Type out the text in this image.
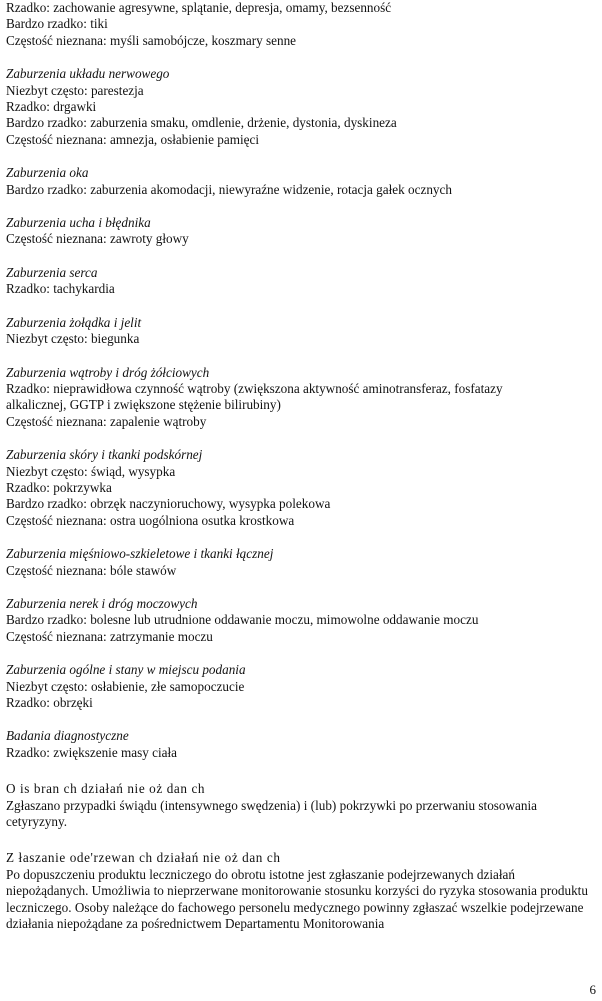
Rzadko: zachowanie agresywne, splątanie, depresja, omamy, bezsenność
Bardzo rzadko: tiki
Częstość nieznana: myśli samobójcze, koszmary senne
Zaburzenia układu nerwowego
Niezbyt często: parestezja
Rzadko: drgawki
Bardzo rzadko: zaburzenia smaku, omdlenie, drżenie, dystonia, dyskineza
Częstość nieznana: amnezja, osłabienie pamięci
Zaburzenia oka
Bardzo rzadko: zaburzenia akomodacji, niewyraźne widzenie, rotacja gałek ocznych
Zaburzenia ucha i błędnika
Częstość nieznana: zawroty głowy
Zaburzenia serca
Rzadko: tachykardia
Zaburzenia żołądka i jelit
Niezbyt często: biegunka
Zaburzenia wątroby i dróg żółciowych
Rzadko: nieprawidłowa czynność wątroby (zwiększona aktywność aminotransferaz, fosfatazy
alkalicznej, GGTP i zwiększone stężenie bilirubiny)
Częstość nieznana: zapalenie wątroby
Zaburzenia skóry i tkanki podskórnej
Niezbyt często: świąd, wysypka
Rzadko: pokrzywka
Bardzo rzadko: obrzęk naczynioruchowy, wysypka polekowa
Częstość nieznana: ostra uogólniona osutka krostkowa
Zaburzenia mięśniowo-szkieletowe i tkanki łącznej
Częstość nieznana: bóle stawów
Zaburzenia nerek i dróg moczowych
Bardzo rzadko: bolesne lub utrudnione oddawanie moczu, mimowolne oddawanie moczu
Częstość nieznana: zatrzymanie moczu
Zaburzenia ogólne i stany w miejscu podania
Niezbyt często: osłabienie, złe samopoczucie
Rzadko: obrzęki
Badania diagnostyczne
Rzadko: zwiększenie masy ciała
O is bran ch działań nie oż dan ch
Zgłaszano przypadki świądu (intensywnego swędzenia) i (lub) pokrzywki po przerwaniu stosowania cetyryzyny.
Z łaszanie ode'rzewan ch działań nie oż dan ch
Po dopuszczeniu produktu leczniczego do obrotu istotne jest zgłaszanie podejrzewanych działań niepożądanych. Umożliwia to nieprzerwane monitorowanie stosunku korzyści do ryzyka stosowania produktu leczniczego. Osoby należące do fachowego personelu medycznego powinny zgłaszać wszelkie podejrzewane działania niepożądane za pośrednictwem Departamentu Monitorowania
6
